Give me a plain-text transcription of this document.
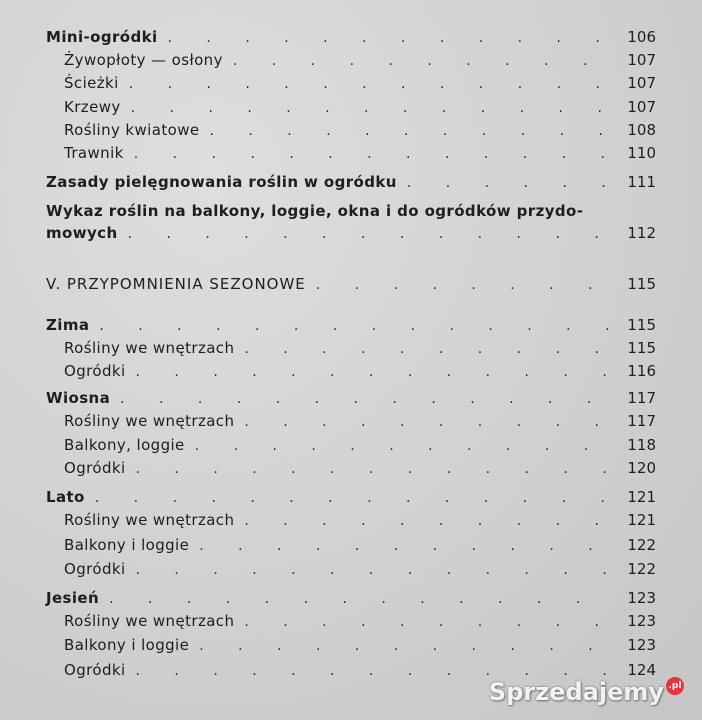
Mini-ogródki . . .	106
Żywopłoty — osłony . . .	107
Ścieżki . . .	107
Krzewy . . .	107
Rośliny kwiatowe . . .	108
Trawnik . . .	110
Zasady pielęgnowania roślin w ogródku . . .	111
Wykaz roślin na balkony, loggie, okna i do ogródków przydo-
mowych . . .	112
V. PRZYPOMNIENIA SEZONOWE . . .	115
Zima . . .	115
Rośliny we wnętrzach . . .	115
Ogródki . . .	116
Wiosna . . .	117
Rośliny we wnętrzach . . .	117
Balkony, loggie . . .	118
Ogródki . . .	120
Lato . . .	121
Rośliny we wnętrzach . . .	121
Balkony i loggie . . .	122
Ogródki . . .	122
Jesień . . .	123
Rośliny we wnętrzach . . .	123
Balkony i loggie . . .	123
Ogródki . . .	124
Sprzedajemy .pl
